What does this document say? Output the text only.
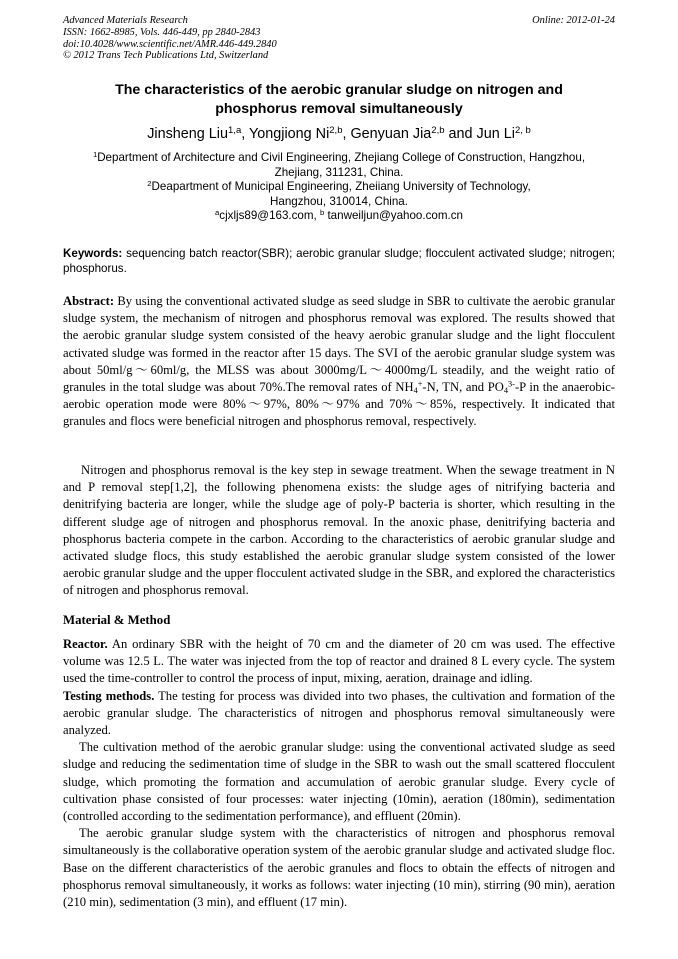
Advanced Materials Research
ISSN: 1662-8985, Vols. 446-449, pp 2840-2843
doi:10.4028/www.scientific.net/AMR.446-449.2840
© 2012 Trans Tech Publications Ltd, Switzerland
Online: 2012-01-24
The characteristics of the aerobic granular sludge on nitrogen and
phosphorus removal simultaneously
Jinsheng Liu$^{1,a}$, Yongjiong Ni$^{2,b}$, Genyuan Jia$^{2,b}$ and Jun Li$^{2, b}$
$^1$Department of Architecture and Civil Engineering, Zhejiang College of Construction, Hangzhou,
Zhejiang, 311231, China.
$^2$Deapartment of Municipal Engineering, Zheiiang University of Technology,
Hangzhou, 310014, China.
$^a$cjxljs89@163.com, $^b$ tanweiljun@yahoo.com.cn
Keywords: sequencing batch reactor(SBR); aerobic granular sludge; flocculent activated sludge; nitrogen; phosphorus.
Abstract: By using the conventional activated sludge as seed sludge in SBR to cultivate the aerobic granular sludge system, the mechanism of nitrogen and phosphorus removal was explored. The results showed that the aerobic granular sludge system consisted of the heavy aerobic granular sludge and the light flocculent activated sludge was formed in the reactor after 15 days. The SVI of the aerobic granular sludge system was about 50ml/g～60ml/g, the MLSS was about 3000mg/L～4000mg/L steadily, and the weight ratio of granules in the total sludge was about 70%.The removal rates of $NH_4^+-N$, TN, and $PO_4^{3-}-P$ in the anaerobic-aerobic operation mode were 80%～97%, 80%～97% and 70%～85%, respectively. It indicated that granules and flocs were beneficial nitrogen and phosphorus removal, respectively.
Nitrogen and phosphorus removal is the key step in sewage treatment. When the sewage treatment in N and P removal step[1,2], the following phenomena exists: the sludge ages of nitrifying bacteria and denitrifying bacteria are longer, while the sludge age of poly-P bacteria is shorter, which resulting in the different sludge age of nitrogen and phosphorus removal. In the anoxic phase, denitrifying bacteria and phosphorus bacteria compete in the carbon. According to the characteristics of aerobic granular sludge and activated sludge flocs, this study established the aerobic granular sludge system consisted of the lower aerobic granular sludge and the upper flocculent activated sludge in the SBR, and explored the characteristics of nitrogen and phosphorus removal.
Material & Method

Reactor. An ordinary SBR with the height of 70 cm and the diameter of 20 cm was used. The effective volume was 12.5 L. The water was injected from the top of reactor and drained 8 L every cycle. The system used the time-controller to control the process of input, mixing, aeration, drainage and idling.

Testing methods. The testing for process was divided into two phases, the cultivation and formation of the aerobic granular sludge. The characteristics of nitrogen and phosphorus removal simultaneously were analyzed.

The cultivation method of the aerobic granular sludge: using the conventional activated sludge as seed sludge and reducing the sedimentation time of sludge in the SBR to wash out the small scattered flocculent sludge, which promoting the formation and accumulation of aerobic granular sludge. Every cycle of cultivation phase consisted of four processes: water injecting (10min), aeration (180min), sedimentation (controlled according to the sedimentation performance), and effluent (20min).

The aerobic granular sludge system with the characteristics of nitrogen and phosphorus removal simultaneously is the collaborative operation system of the aerobic granular sludge and activated sludge floc. Base on the different characteristics of the aerobic granules and flocs to obtain the effects of nitrogen and phosphorus removal simultaneously, it works as follows: water injecting (10 min), stirring (90 min), aeration (210 min), sedimentation (3 min), and effluent (17 min).
